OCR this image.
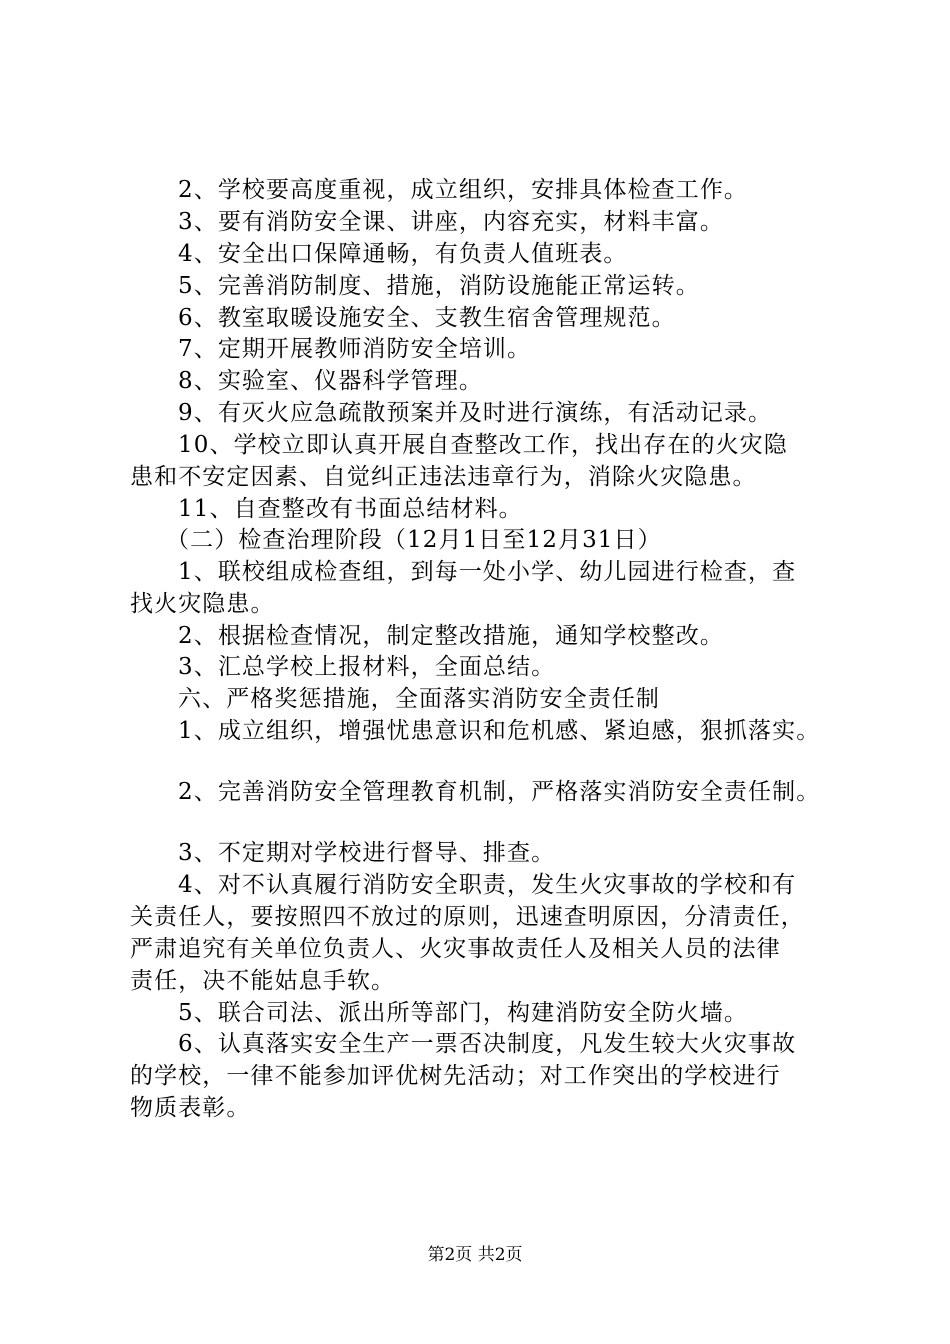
2、学校要高度重视，成立组织，安排具体检查工作。
3、要有消防安全课、讲座，内容充实，材料丰富。
4、安全出口保障通畅，有负责人值班表。
5、完善消防制度、措施，消防设施能正常运转。
6、教室取暖设施安全、支教生宿舍管理规范。
7、定期开展教师消防安全培训。
8、实验室、仪器科学管理。
9、有灭火应急疏散预案并及时进行演练，有活动记录。
10、学校立即认真开展自查整改工作，找出存在的火灾隐
患和不安定因素、自觉纠正违法违章行为，消除火灾隐患。
11、自查整改有书面总结材料。
（二）检查治理阶段（12月1日至12月31日）
1、联校组成检查组，到每一处小学、幼儿园进行检查，查
找火灾隐患。
2、根据检查情况，制定整改措施，通知学校整改。
3、汇总学校上报材料，全面总结。
六、严格奖惩措施，全面落实消防安全责任制
1、成立组织，增强忧患意识和危机感、紧迫感，狠抓落实。
2、完善消防安全管理教育机制，严格落实消防安全责任制。
3、不定期对学校进行督导、排查。
4、对不认真履行消防安全职责，发生火灾事故的学校和有
关责任人，要按照四不放过的原则，迅速查明原因，分清责任，
严肃追究有关单位负责人、火灾事故责任人及相关人员的法律
责任，决不能姑息手软。
5、联合司法、派出所等部门，构建消防安全防火墙。
6、认真落实安全生产一票否决制度，凡发生较大火灾事故
的学校，一律不能参加评优树先活动；对工作突出的学校进行
物质表彰。
第2页 共2页
